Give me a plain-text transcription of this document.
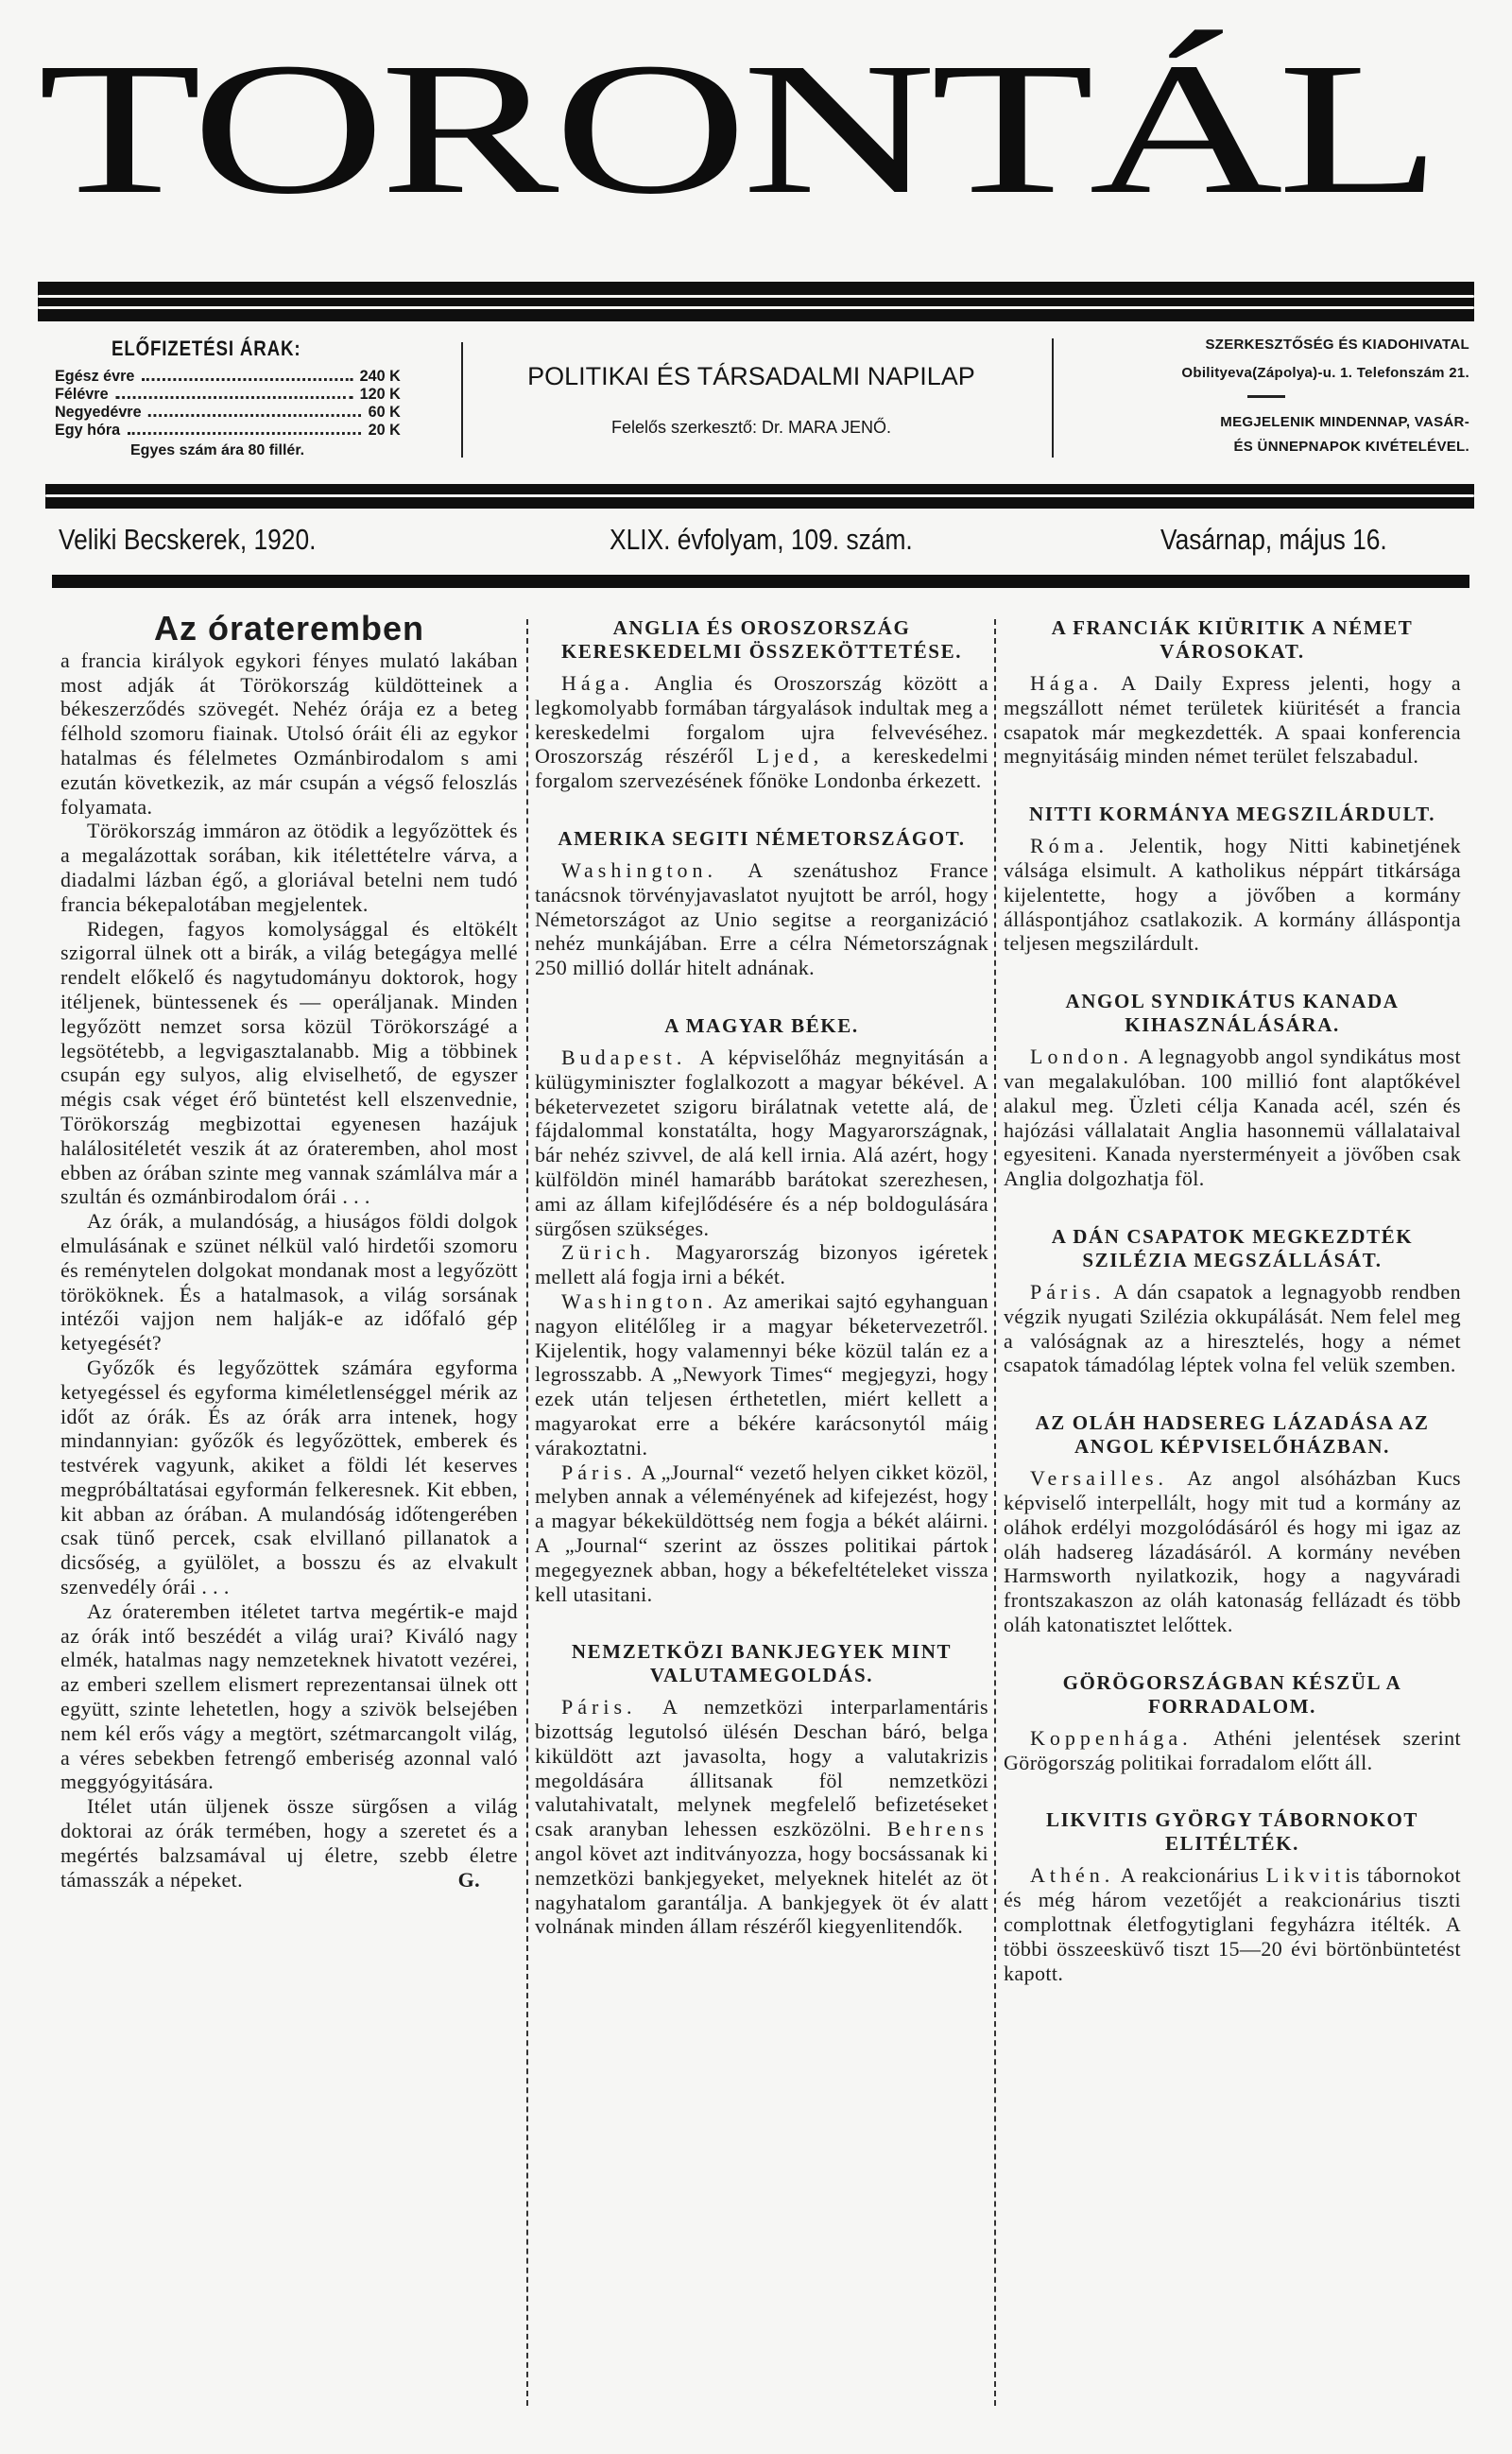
TORONTÁL
ELŐFIZETÉSI ÁRAK:
Egész évre	240 K
Félévre	120 K
Negyedévre	60 K
Egy hóra	20 K
Egyes szám ára 80 fillér.
POLITIKAI ÉS TÁRSADALMI NAPILAP
Felelős szerkesztő: Dr. MARA JENŐ.
SZERKESZTŐSÉG ÉS KIADOHIVATAL
Obilityeva(Zápolya)-u. 1. Telefonszám 21.
MEGJELENIK MINDENNAP, VASÁR-
ÉS ÜNNEPNAPOK KIVÉTELÉVEL.
Veliki Becskerek, 1920.	XLIX. évfolyam, 109. szám.	Vasárnap, május 16.
Az órateremben

a francia királyok egykori fényes mulató lakában most adják át Törökország küldötteinek a békeszerződés szövegét. Nehéz órája ez a beteg félhold szomoru fiainak. Utolsó óráit éli az egykor hatalmas és félelmetes Ozmánbirodalom s ami ezután következik, az már csupán a végső feloszlás folyamata.

Törökország immáron az ötödik a legyőzöttek és a megalázottak sorában, kik itélettételre várva, a diadalmi lázban égő, a gloriával betelni nem tudó francia békepalotában megjelentek.

Ridegen, fagyos komolysággal és eltökélt szigorral ülnek ott a birák, a világ betegágya mellé rendelt előkelő és nagytudományu doktorok, hogy itéljenek, büntessenek és — operáljanak. Minden legyőzött nemzet sorsa közül Törökországé a legsötétebb, a legvigasztalanabb. Mig a többinek csupán egy sulyos, alig elviselhető, de egyszer mégis csak véget érő büntetést kell elszenvednie, Törökország megbizottai egyenesen hazájuk halálositéletét veszik át az órateremben, ahol most ebben az órában szinte meg vannak számlálva már a szultán és ozmánbirodalom órái . . .

Az órák, a mulandóság, a hiuságos földi dolgok elmulásának e szünet nélkül való hirdetői szomoru és reménytelen dolgokat mondanak most a legyőzött törököknek. És a hatalmasok, a világ sorsának intézői vajjon nem halják-e az időfaló gép ketyegését?

Győzők és legyőzöttek számára egyforma ketyegéssel és egyforma kiméletlenséggel mérik az időt az órák. És az órák arra intenek, hogy mindannyian: győzők és legyőzöttek, emberek és testvérek vagyunk, akiket a földi lét keserves megpróbáltatásai egyformán felkeresnek. Kit ebben, kit abban az órában. A mulandóság időtengerében csak tünő percek, csak elvillanó pillanatok a dicsőség, a gyülölet, a bosszu és az elvakult szenvedély órái . . .

Az órateremben itéletet tartva megértik-e majd az órák intő beszédét a világ urai? Kiváló nagy elmék, hatalmas nagy nemzeteknek hivatott vezérei, az emberi szellem elismert reprezentansai ülnek ott együtt, szinte lehetetlen, hogy a szivök belsejében nem kél erős vágy a megtört, szétmarcangolt világ, a véres sebekben fetrengő emberiség azonnal való meggyógyitására.

Itélet után üljenek össze sürgősen a világ doktorai az órák termében, hogy a szeretet és a megértés balzsamával uj életre, szebb életre támasszák a népeket.	G.

ANGLIA ÉS OROSZORSZÁG KERESKEDELMI ÖSSZEKÖTTETÉSE.

Hága. Anglia és Oroszország között a legkomolyabb formában tárgyalások indultak meg a kereskedelmi forgalom ujra felvevéséhez. Oroszország részéről Ljed, a kereskedelmi forgalom szervezésének főnöke Londonba érkezett.

AMERIKA SEGITI NÉMETORSZÁGOT.

Washington. A szenátushoz France tanácsnok törvényjavaslatot nyujtott be arról, hogy Németországot az Unio segitse a reorganizáció nehéz munkájában. Erre a célra Németországnak 250 millió dollár hitelt adnának.

A MAGYAR BÉKE.

Budapest. A képviselőház megnyitásán a külügyminiszter foglalkozott a magyar békével. A béketervezetet szigoru birálatnak vetette alá, de fájdalommal konstatálta, hogy Magyarországnak, bár nehéz szivvel, de alá kell irnia. Alá azért, hogy külföldön minél hamarább barátokat szerezhesen, ami az állam kifejlődésére és a nép boldogulására sürgősen szükséges.

Zürich. Magyarország bizonyos igéretek mellett alá fogja irni a békét.

Washington. Az amerikai sajtó egyhanguan nagyon elitélőleg ir a magyar béketervezetről. Kijelentik, hogy valamennyi béke közül talán ez a legrosszabb. A „Newyork Times“ megjegyzi, hogy ezek után teljesen érthetetlen, miért kellett a magyarokat erre a békére karácsonytól máig várakoztatni.

Páris. A „Journal“ vezető helyen cikket közöl, melyben annak a véleményének ad kifejezést, hogy a magyar békeküldöttség nem fogja a békét aláirni. A „Journal“ szerint az összes politikai pártok megegyeznek abban, hogy a békefeltételeket vissza kell utasitani.

NEMZETKÖZI BANKJEGYEK MINT VALUTAMEGOLDÁS.

Páris. A nemzetközi interparlamentáris bizottság legutolsó ülésén Deschan báró, belga kiküldött azt javasolta, hogy a valutakrizis megoldására állitsanak föl nemzetközi valutahivatalt, melynek megfelelő befizetéseket csak aranyban lehessen eszközölni. Behrens angol követ azt inditványozza, hogy bocsássanak ki nemzetközi bankjegyeket, melyeknek hitelét az öt nagyhatalom garantálja. A bankjegyek öt év alatt volnának minden állam részéről kiegyenlitendők.

A FRANCIÁK KIÜRITIK A NÉMET VÁROSOKAT.

Hága. A Daily Express jelenti, hogy a megszállott német területek kiüritését a francia csapatok már megkezdették. A spaai konferencia megnyitásáig minden német terület felszabadul.

NITTI KORMÁNYA MEGSZILÁRDULT.

Róma. Jelentik, hogy Nitti kabinetjének válsága elsimult. A katholikus néppárt titkársága kijelentette, hogy a jövőben a kormány álláspontjához csatlakozik. A kormány álláspontja teljesen megszilárdult.

ANGOL SYNDIKÁTUS KANADA KIHASZNÁLÁSÁRA.

London. A legnagyobb angol syndikátus most van megalakulóban. 100 millió font alaptőkével alakul meg. Üzleti célja Kanada acél, szén és hajózási vállalatait Anglia hasonnemü vállalataival egyesiteni. Kanada nyersterményeit a jövőben csak Anglia dolgozhatja föl.

A DÁN CSAPATOK MEGKEZDTÉK SZILÉZIA MEGSZÁLLÁSÁT.

Páris. A dán csapatok a legnagyobb rendben végzik nyugati Szilézia okkupálását. Nem felel meg a valóságnak az a hiresztelés, hogy a német csapatok támadólag léptek volna fel velük szemben.

AZ OLÁH HADSEREG LÁZADÁSA AZ ANGOL KÉPVISELŐHÁZBAN.

Versailles. Az angol alsóházban Kucs képviselő interpellált, hogy mit tud a kormány az oláhok erdélyi mozgolódásáról és hogy mi igaz az oláh hadsereg lázadásáról. A kormány nevében Harmsworth nyilatkozik, hogy a nagyváradi frontszakaszon az oláh katonaság fellázadt és több oláh katonatisztet lelőttek.

GÖRÖGORSZÁGBAN KÉSZÜL A FORRADALOM.

Koppenhága. Athéni jelentések szerint Görögország politikai forradalom előtt áll.

LIKVITIS GYÖRGY TÁBORNOKOT ELITÉLTÉK.

Athén. A reakcionárius Likvitis tábornokot és még három vezetőjét a reakcionárius tiszti complottnak életfogytiglani fegyházra itélték. A többi összeesküvő tiszt 15—20 évi börtönbüntetést kapott.
